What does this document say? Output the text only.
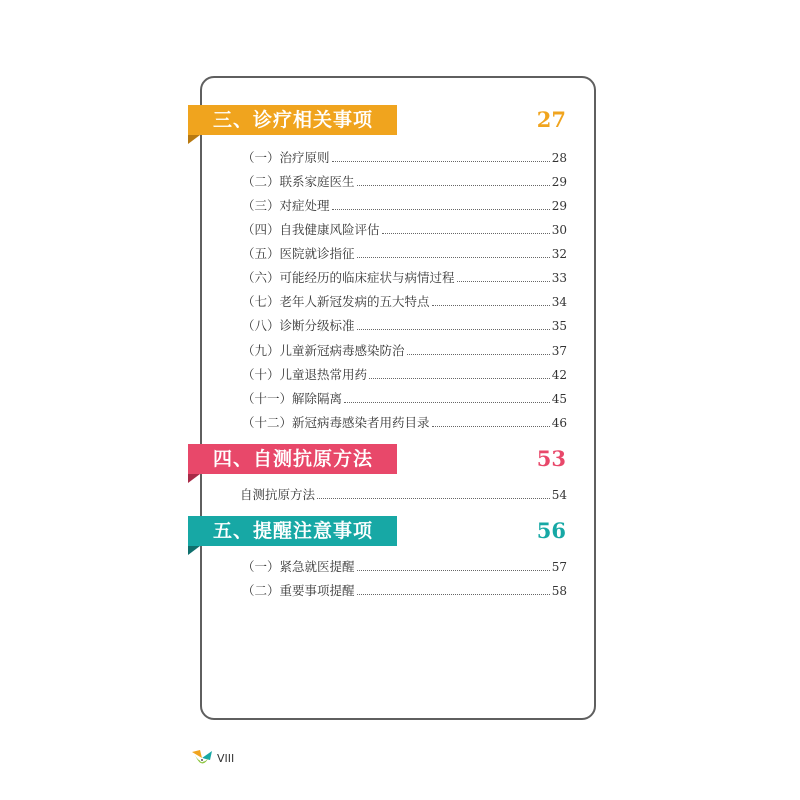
三、诊疗相关事项	27
（一）治疗原则	28
（二）联系家庭医生	29
（三）对症处理	29
（四）自我健康风险评估	30
（五）医院就诊指征	32
（六）可能经历的临床症状与病情过程	33
（七）老年人新冠发病的五大特点	34
（八）诊断分级标准	35
（九）儿童新冠病毒感染防治	37
（十）儿童退热常用药	42
（十一）解除隔离	45
（十二）新冠病毒感染者用药目录	46
四、自测抗原方法	53
自测抗原方法	54
五、提醒注意事项	56
（一）紧急就医提醒	57
（二）重要事项提醒	58
VIII
